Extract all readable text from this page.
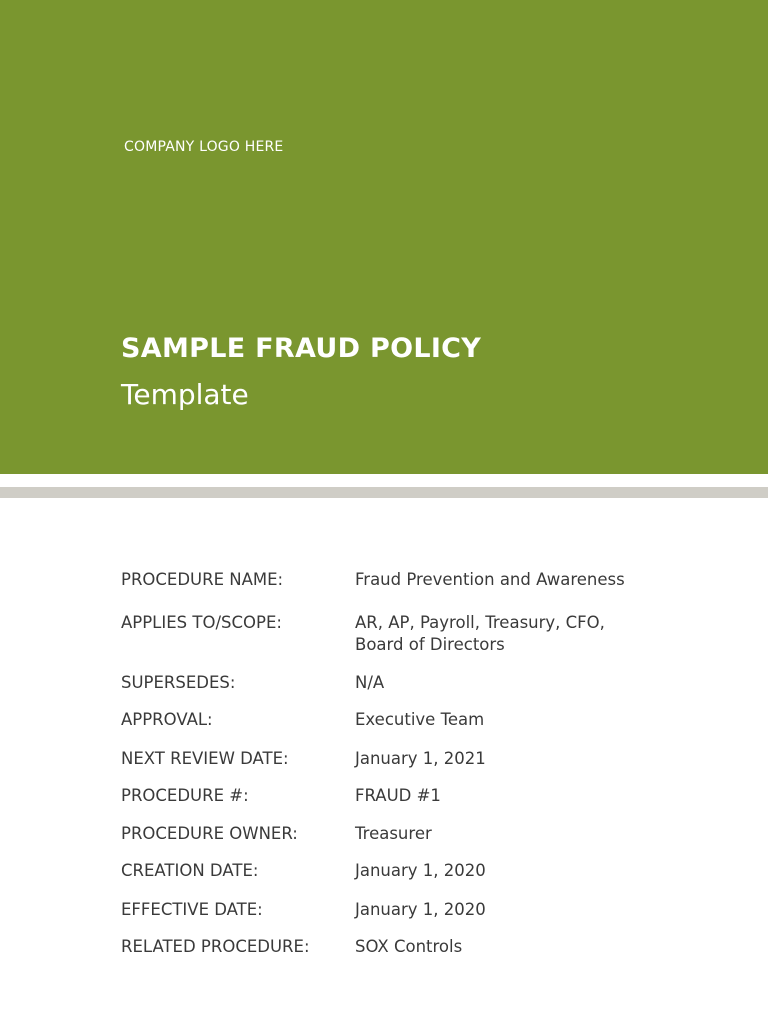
COMPANY LOGO HERE
SAMPLE FRAUD POLICY
Template
PROCEDURE NAME:	Fraud Prevention and Awareness
APPLIES TO/SCOPE:	AR, AP, Payroll, Treasury, CFO, Board of Directors
SUPERSEDES:	N/A
APPROVAL:	Executive Team
NEXT REVIEW DATE:	January 1, 2021
PROCEDURE #:	FRAUD #1
PROCEDURE OWNER:	Treasurer
CREATION DATE:	January 1, 2020
EFFECTIVE DATE:	January 1, 2020
RELATED PROCEDURE:	SOX Controls
